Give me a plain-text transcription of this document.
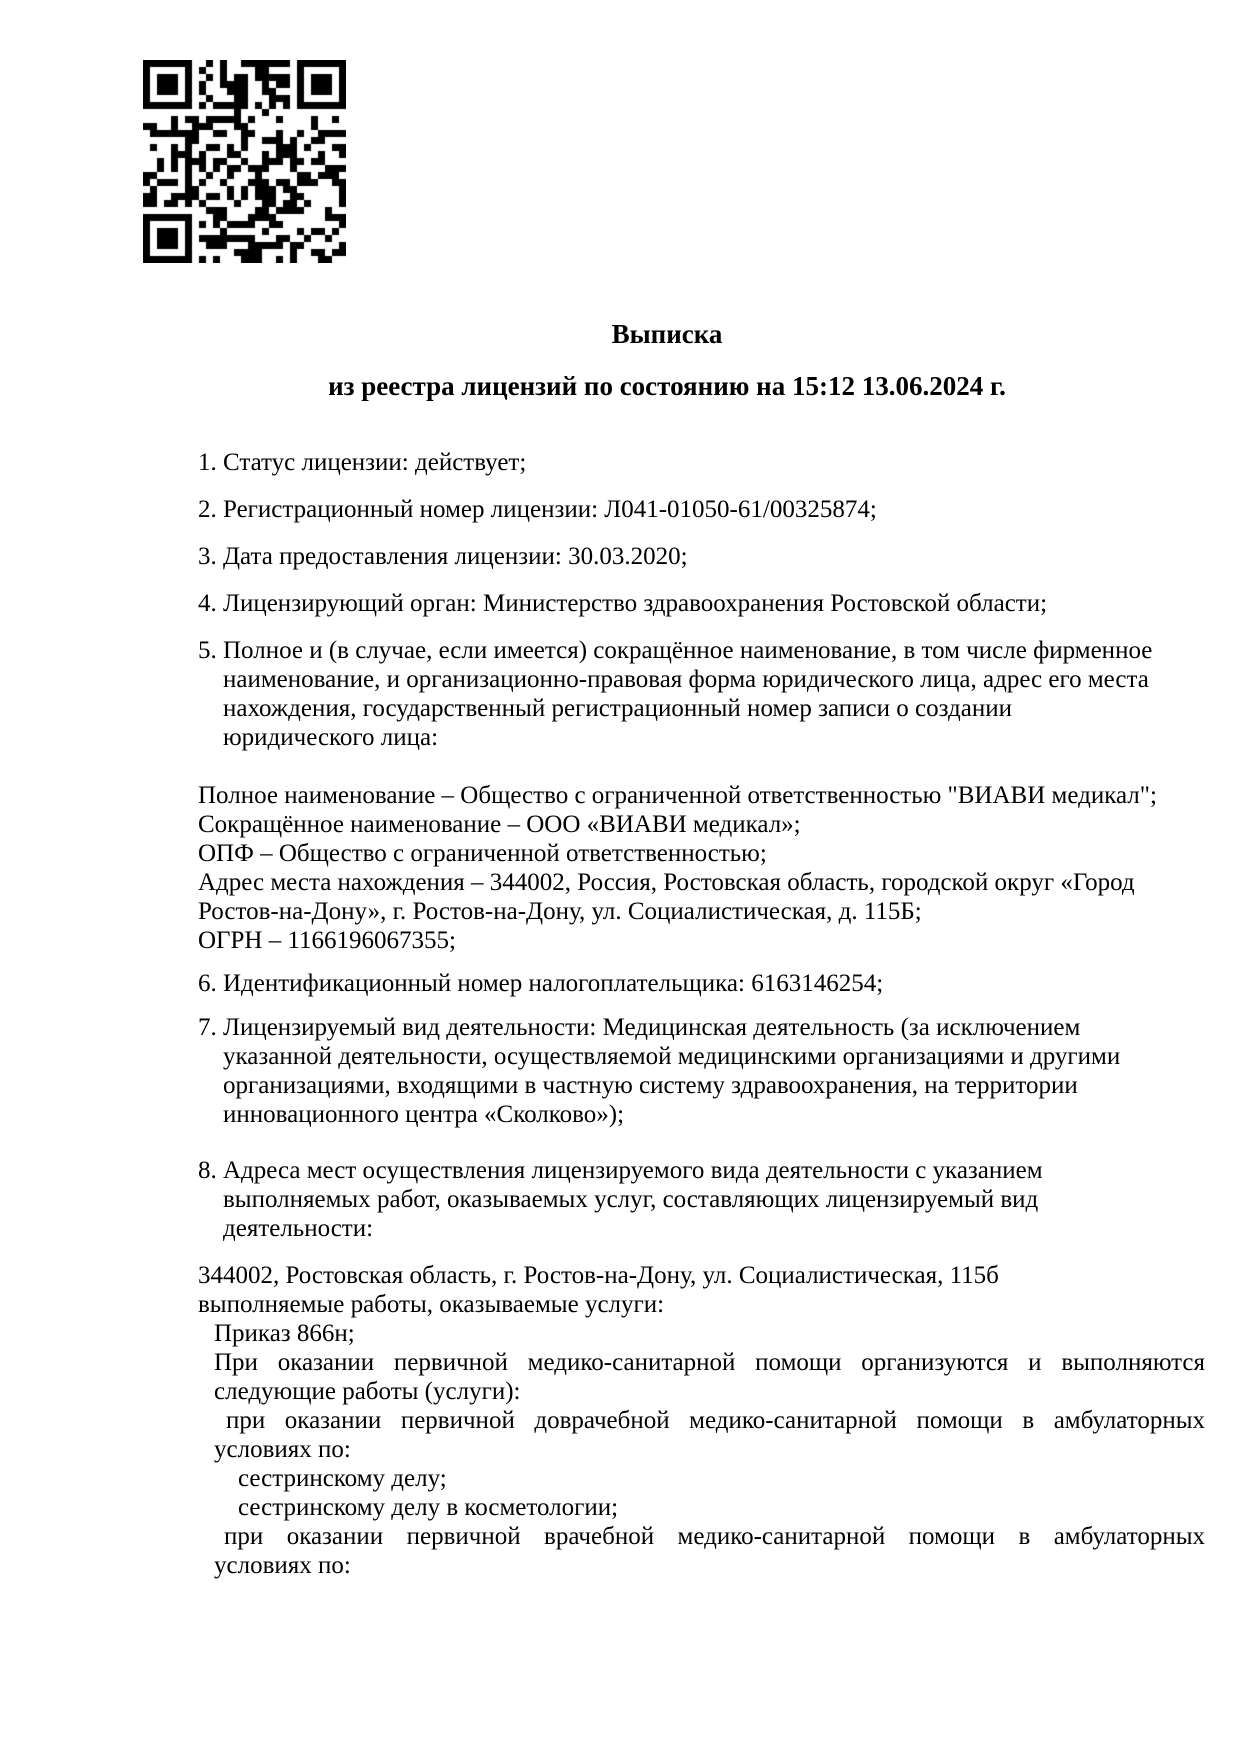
Выписка
из реестра лицензий по состоянию на 15:12 13.06.2024 г.

1. Статус лицензии: действует;

2. Регистрационный номер лицензии: Л041-01050-61/00325874;

3. Дата предоставления лицензии: 30.03.2020;

4. Лицензирующий орган: Министерство здравоохранения Ростовской области;

5. Полное и (в случае, если имеется) сокращённое наименование, в том числе фирменное
наименование, и организационно-правовая форма юридического лица, адрес его места
нахождения, государственный регистрационный номер записи о создании
юридического лица:
Полное наименование – Общество с ограниченной ответственностью "ВИАВИ медикал";
Сокращённое наименование – ООО «ВИАВИ медикал»;
ОПФ – Общество с ограниченной ответственностью;
Адрес места нахождения – 344002, Россия, Ростовская область, городской округ «Город
Ростов-на-Дону», г. Ростов-на-Дону, ул. Социалистическая, д. 115Б;
ОГРН – 1166196067355;

6. Идентификационный номер налогоплательщика: 6163146254;

7. Лицензируемый вид деятельности: Медицинская деятельность (за исключением
указанной деятельности, осуществляемой медицинскими организациями и другими
организациями, входящими в частную систему здравоохранения, на территории
инновационного центра «Сколково»);
8. Адреса мест осуществления лицензируемого вида деятельности с указанием
выполняемых работ, оказываемых услуг, составляющих лицензируемый вид
деятельности:
344002, Ростовская область, г. Ростов-на-Дону, ул. Социалистическая, 115б
выполняемые работы, оказываемые услуги:
Приказ 866н;
При оказании первичной медико-санитарной помощи организуются и выполняются
следующие работы (услуги):
при оказании первичной доврачебной медико-санитарной помощи в амбулаторных
условиях по:
сестринскому делу;
сестринскому делу в косметологии;
при оказании первичной врачебной медико-санитарной помощи в амбулаторных
условиях по:
